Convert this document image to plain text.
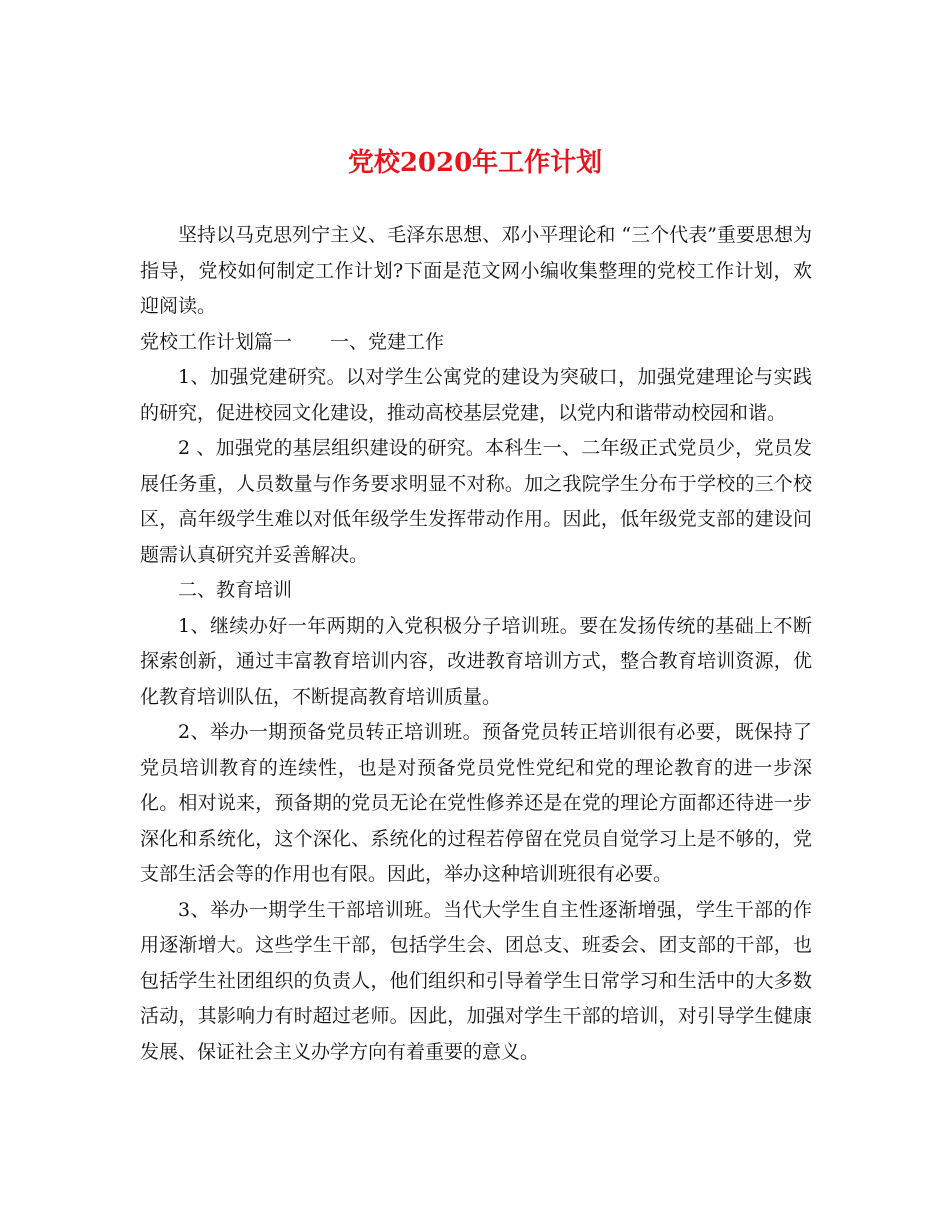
党校2020年工作计划

坚持以马克思列宁主义、毛泽东思想、邓小平理论和 “三个代表”重要思想为指导，党校如何制定工作计划?下面是范文网小编收集整理的党校工作计划，欢迎阅读。

党校工作计划篇一 一、党建工作

1、加强党建研究。以对学生公寓党的建设为突破口，加强党建理论与实践的研究，促进校园文化建设，推动高校基层党建，以党内和谐带动校园和谐。

2 、加强党的基层组织建设的研究。本科生一、二年级正式党员少，党员发展任务重，人员数量与作务要求明显不对称。加之我院学生分布于学校的三个校区，高年级学生难以对低年级学生发挥带动作用。因此，低年级党支部的建设问题需认真研究并妥善解决。

二、教育培训

1、继续办好一年两期的入党积极分子培训班。要在发扬传统的基础上不断探索创新，通过丰富教育培训内容，改进教育培训方式，整合教育培训资源，优化教育培训队伍，不断提高教育培训质量。

2、举办一期预备党员转正培训班。预备党员转正培训很有必要，既保持了党员培训教育的连续性，也是对预备党员党性党纪和党的理论教育的进一步深化。相对说来，预备期的党员无论在党性修养还是在党的理论方面都还待进一步深化和系统化，这个深化、系统化的过程若停留在党员自觉学习上是不够的，党支部生活会等的作用也有限。因此，举办这种培训班很有必要。

3、举办一期学生干部培训班。当代大学生自主性逐渐增强，学生干部的作用逐渐增大。这些学生干部，包括学生会、团总支、班委会、团支部的干部，也包括学生社团组织的负责人，他们组织和引导着学生日常学习和生活中的大多数活动，其影响力有时超过老师。因此，加强对学生干部的培训，对引导学生健康发展、保证社会主义办学方向有着重要的意义。
